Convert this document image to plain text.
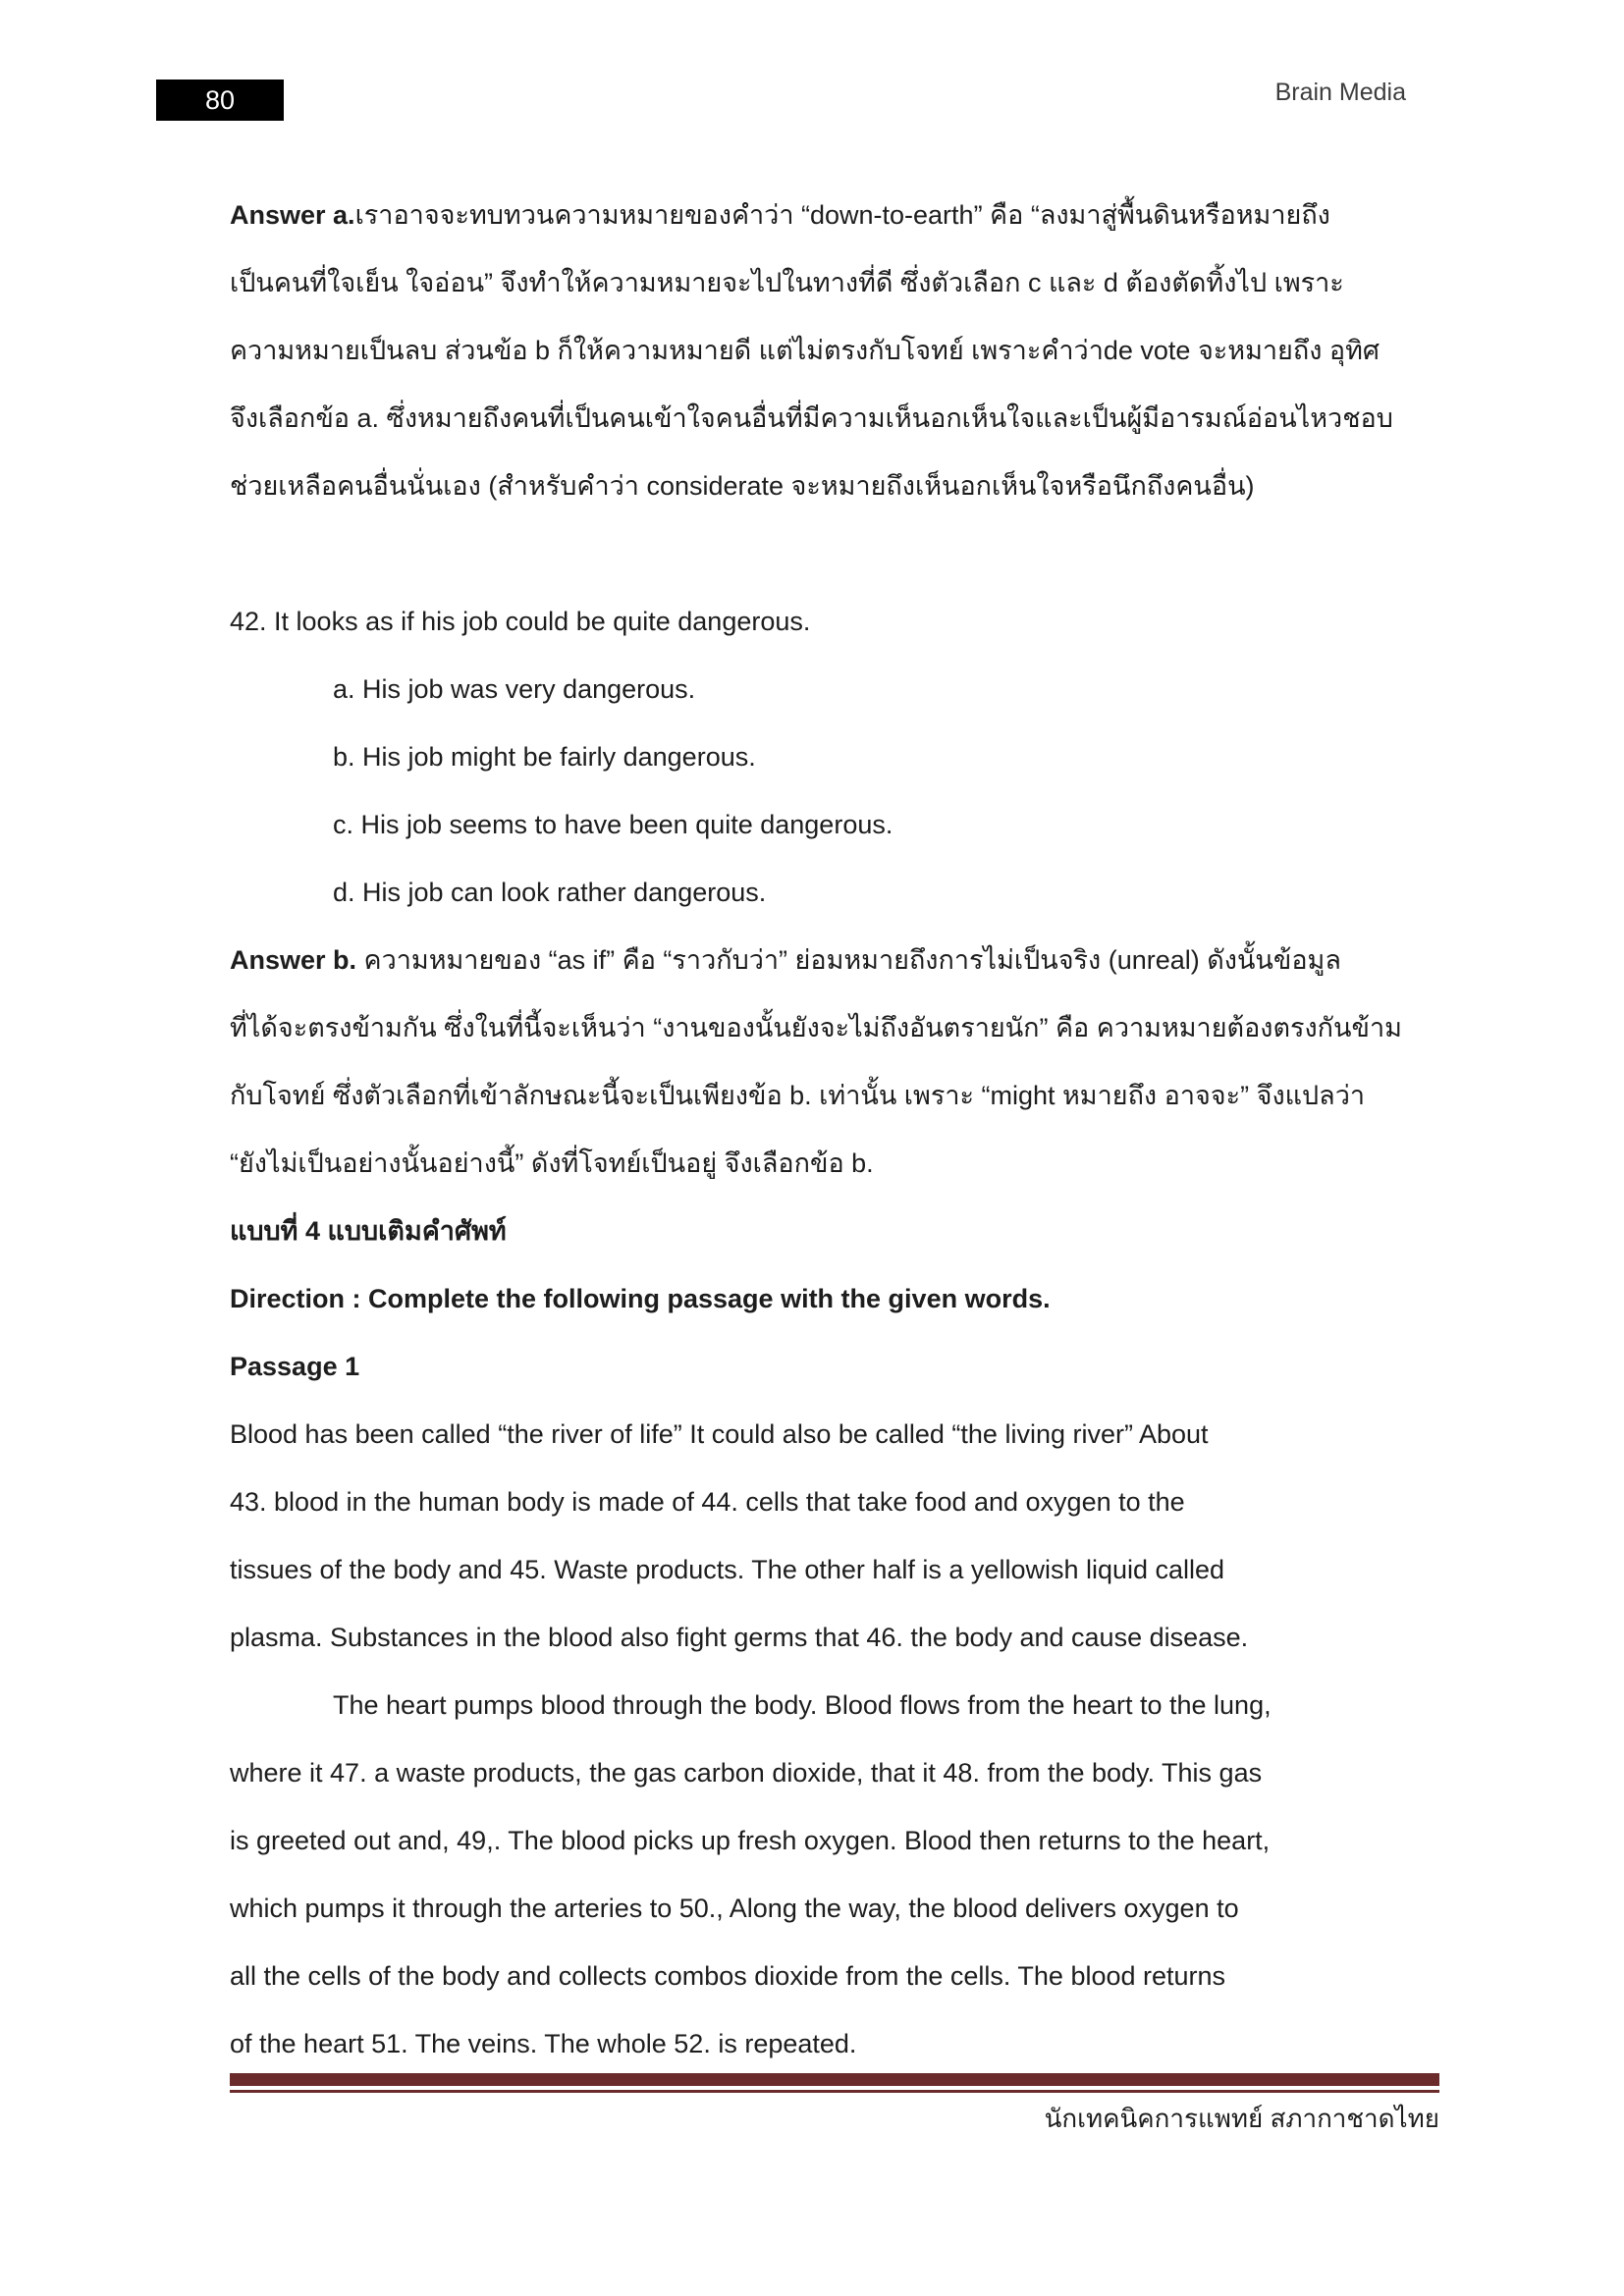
80	Brain Media

Answer a.เราอาจจะทบทวนความหมายของคำว่า “down-to-earth” คือ “ลงมาสู่พื้นดินหรือหมายถึง

เป็นคนที่ใจเย็น ใจอ่อน” จึงทำให้ความหมายจะไปในทางที่ดี ซึ่งตัวเลือก c และ d ต้องตัดทิ้งไป เพราะ

ความหมายเป็นลบ ส่วนข้อ b ก็ให้ความหมายดี แต่ไม่ตรงกับโจทย์ เพราะคำว่าde vote จะหมายถึง อุทิศ

จึงเลือกข้อ a. ซึ่งหมายถึงคนที่เป็นคนเข้าใจคนอื่นที่มีความเห็นอกเห็นใจและเป็นผู้มีอารมณ์อ่อนไหวชอบ

ช่วยเหลือคนอื่นนั่นเอง (สำหรับคำว่า considerate จะหมายถึงเห็นอกเห็นใจหรือนึกถึงคนอื่น)

42. It looks as if his job could be quite dangerous.

a. His job was very dangerous.

b. His job might be fairly dangerous.

c. His job seems to have been quite dangerous.

d. His job can look rather dangerous.

Answer b. ความหมายของ “as if” คือ “ราวกับว่า” ย่อมหมายถึงการไม่เป็นจริง (unreal) ดังนั้นข้อมูล

ที่ได้จะตรงข้ามกัน ซึ่งในที่นี้จะเห็นว่า “งานของนั้นยังจะไม่ถึงอันตรายนัก” คือ ความหมายต้องตรงกันข้าม

กับโจทย์ ซึ่งตัวเลือกที่เข้าลักษณะนี้จะเป็นเพียงข้อ b. เท่านั้น เพราะ “might หมายถึง อาจจะ” จึงแปลว่า

“ยังไม่เป็นอย่างนั้นอย่างนี้” ดังที่โจทย์เป็นอยู่ จึงเลือกข้อ b.

แบบที่ 4 แบบเติมคำศัพท์

Direction : Complete the following passage with the given words.

Passage 1

Blood has been called “the river of life” It could also be called “the living river” About

43. blood in the human body is made of 44. cells that take food and oxygen to the

tissues of the body and 45. Waste products. The other half is a yellowish liquid called

plasma. Substances in the blood also fight germs that 46. the body and cause disease.

The heart pumps blood through the body. Blood flows from the heart to the lung,

where it 47. a waste products, the gas carbon dioxide, that it 48. from the body. This gas

is greeted out and, 49,. The blood picks up fresh oxygen. Blood then returns to the heart,

which pumps it through the arteries to 50., Along the way, the blood delivers oxygen to

all the cells of the body and collects combos dioxide from the cells. The blood returns

of the heart 51. The veins. The whole 52. is repeated.

นักเทคนิคการแพทย์ สภากาชาดไทย
